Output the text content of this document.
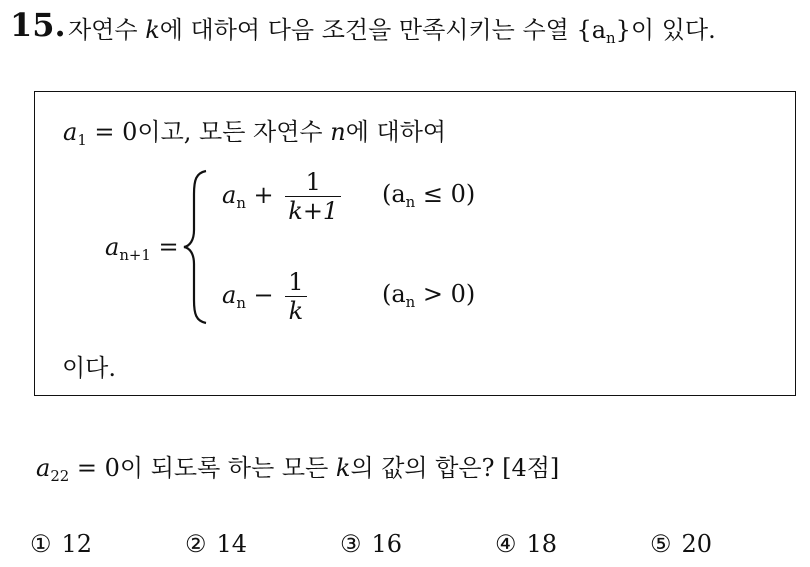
15. 자연수 k에 대하여 다음 조건을 만족시키는 수열 $\{a_n\}$이 있다.
$a_1 = 0$이고, 모든 자연수 n에 대하여
$a_{n+1}$ =
$a_n + \frac{1}{k+1} (a_n \le 0)$
$a_n - \frac{1}{k}$	$(a_n > 0)$
이다.
$a_{22} = 0$이 되도록 하는 모든 k의 값의 합은? [4점]
① 12	② 14	③ 16	④ 18	⑤ 20
